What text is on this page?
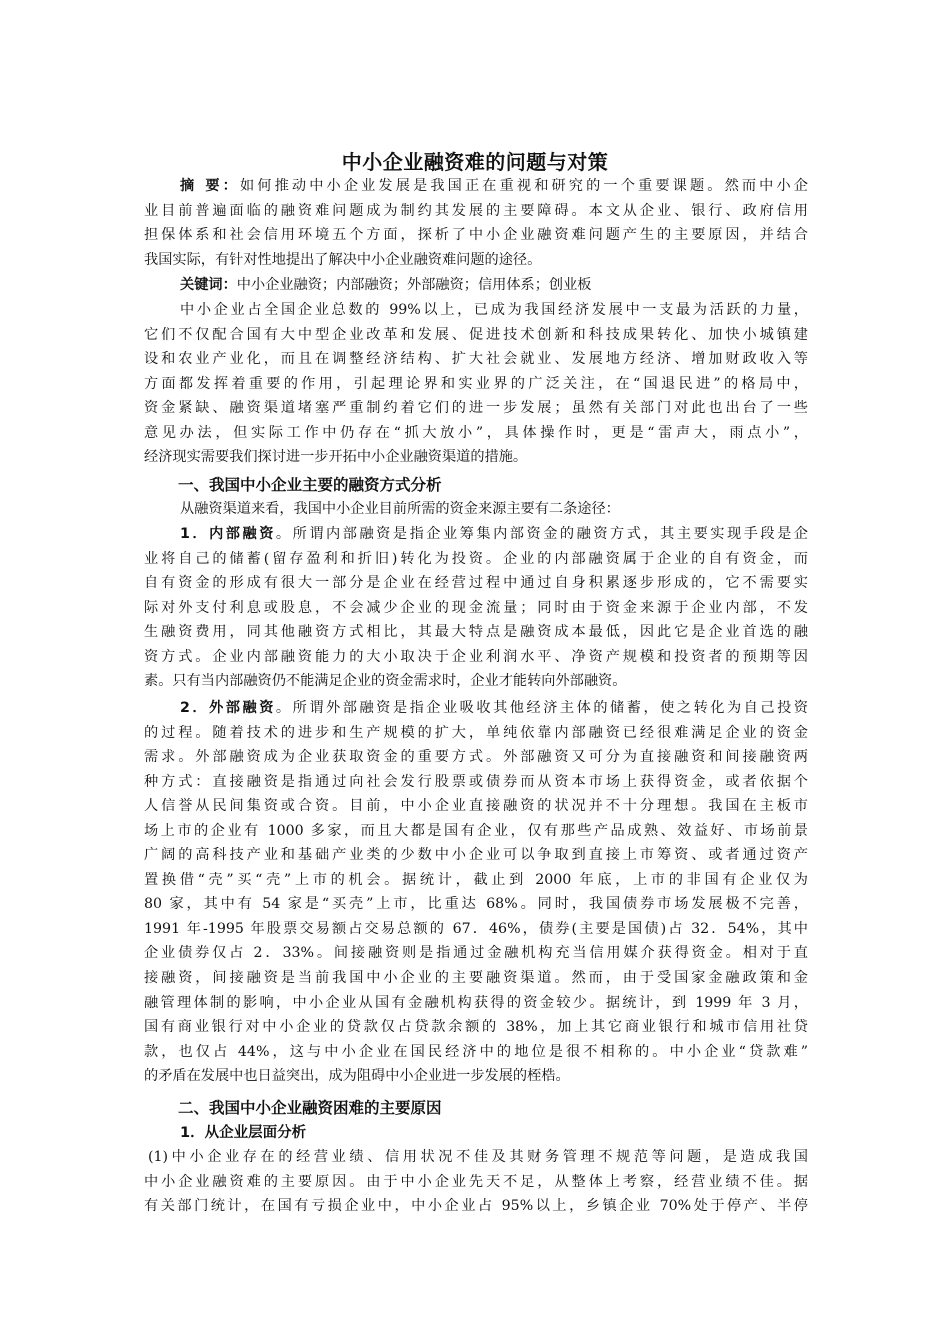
中小企业融资难的问题与对策
摘 要：如何推动中小企业发展是我国正在重视和研究的一个重要课题。然而中小企
业目前普遍面临的融资难问题成为制约其发展的主要障碍。本文从企业、银行、政府信用
担保体系和社会信用环境五个方面，探析了中小企业融资难问题产生的主要原因，并结合
我国实际，有针对性地提出了解决中小企业融资难问题的途径。
关键词：中小企业融资；内部融资；外部融资；信用体系；创业板
中小企业占全国企业总数的 99%以上，已成为我国经济发展中一支最为活跃的力量，
它们不仅配合国有大中型企业改革和发展、促进技术创新和科技成果转化、加快小城镇建
设和农业产业化，而且在调整经济结构、扩大社会就业、发展地方经济、增加财政收入等
方面都发挥着重要的作用，引起理论界和实业界的广泛关注，在“国退民进”的格局中，
资金紧缺、融资渠道堵塞严重制约着它们的进一步发展；虽然有关部门对此也出台了一些
意见办法，但实际工作中仍存在“抓大放小”，具体操作时，更是“雷声大，雨点小”，
经济现实需要我们探讨进一步开拓中小企业融资渠道的措施。
一、我国中小企业主要的融资方式分析
从融资渠道来看，我国中小企业目前所需的资金来源主要有二条途径：
1．内部融资。所谓内部融资是指企业筹集内部资金的融资方式，其主要实现手段是企
业将自己的储蓄(留存盈利和折旧)转化为投资。企业的内部融资属于企业的自有资金，而
自有资金的形成有很大一部分是企业在经营过程中通过自身积累逐步形成的，它不需要实
际对外支付利息或股息，不会减少企业的现金流量；同时由于资金来源于企业内部，不发
生融资费用，同其他融资方式相比，其最大特点是融资成本最低，因此它是企业首选的融
资方式。企业内部融资能力的大小取决于企业利润水平、净资产规模和投资者的预期等因
素。只有当内部融资仍不能满足企业的资金需求时，企业才能转向外部融资。
2．外部融资。所谓外部融资是指企业吸收其他经济主体的储蓄，使之转化为自己投资
的过程。随着技术的进步和生产规模的扩大，单纯依靠内部融资已经很难满足企业的资金
需求。外部融资成为企业获取资金的重要方式。外部融资又可分为直接融资和间接融资两
种方式：直接融资是指通过向社会发行股票或债券而从资本市场上获得资金，或者依据个
人信誉从民间集资或合资。目前，中小企业直接融资的状况并不十分理想。我国在主板市
场上市的企业有 1000 多家，而且大都是国有企业，仅有那些产品成熟、效益好、市场前景
广阔的高科技产业和基础产业类的少数中小企业可以争取到直接上市筹资、或者通过资产
置换借“壳”买“壳”上市的机会。据统计，截止到 2000 年底，上市的非国有企业仅为
80 家，其中有 54 家是“买壳”上市，比重达 68%。同时，我国债券市场发展极不完善，
1991 年-1995 年股票交易额占交易总额的 67．46%，债券(主要是国债)占 32．54%，其中
企业债券仅占 2．33%。间接融资则是指通过金融机构充当信用媒介获得资金。相对于直
接融资，间接融资是当前我国中小企业的主要融资渠道。然而，由于受国家金融政策和金
融管理体制的影响，中小企业从国有金融机构获得的资金较少。据统计，到 1999 年 3 月，
国有商业银行对中小企业的贷款仅占贷款余额的 38%，加上其它商业银行和城市信用社贷
款，也仅占 44%，这与中小企业在国民经济中的地位是很不相称的。中小企业“贷款难”
的矛盾在发展中也日益突出，成为阻碍中小企业进一步发展的桎梏。
二、我国中小企业融资困难的主要原因
1．从企业层面分析
(1)中小企业存在的经营业绩、信用状况不佳及其财务管理不规范等问题，是造成我国
中小企业融资难的主要原因。由于中小企业先天不足，从整体上考察，经营业绩不佳。据
有关部门统计，在国有亏损企业中，中小企业占 95%以上，乡镇企业 70%处于停产、半停
